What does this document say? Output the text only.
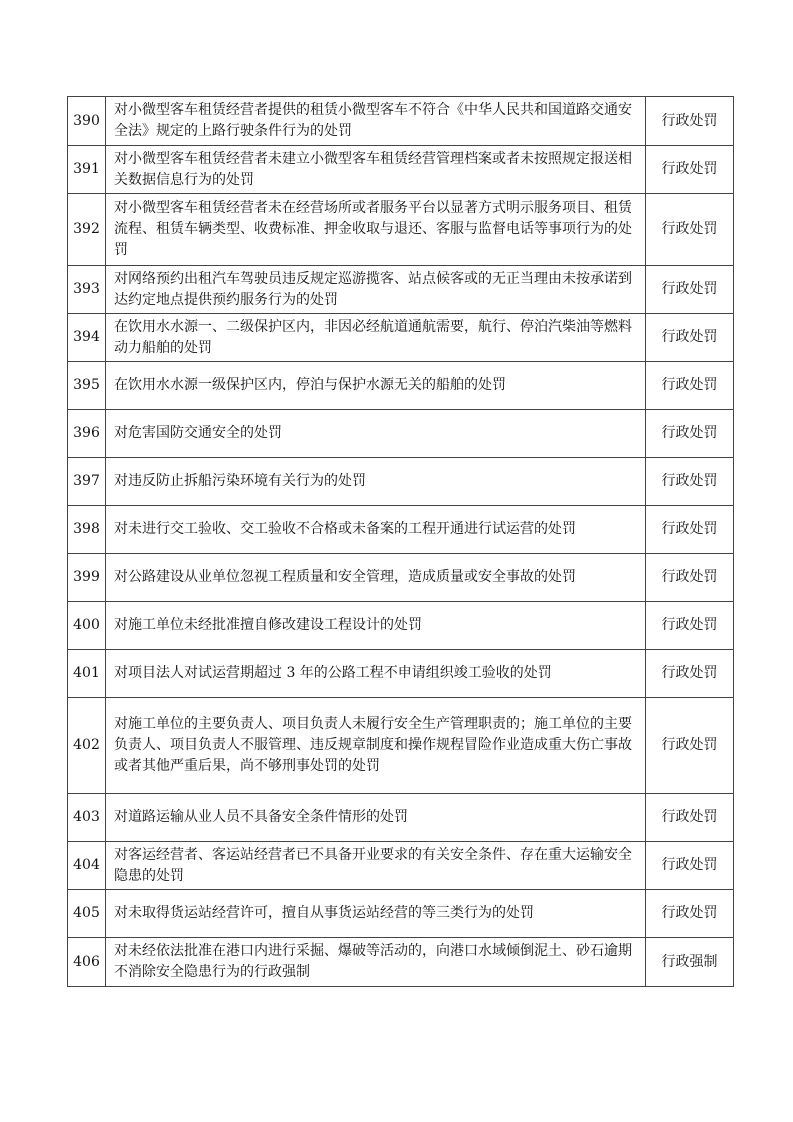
390	对小微型客车租赁经营者提供的租赁小微型客车不符合《中华人民共和国道路交通安全法》规定的上路行驶条件行为的处罚	行政处罚
391	对小微型客车租赁经营者未建立小微型客车租赁经营管理档案或者未按照规定报送相关数据信息行为的处罚	行政处罚
392	对小微型客车租赁经营者未在经营场所或者服务平台以显著方式明示服务项目、租赁流程、租赁车辆类型、收费标准、押金收取与退还、客服与监督电话等事项行为的处罚	行政处罚
393	对网络预约出租汽车驾驶员违反规定巡游揽客、站点候客或的无正当理由未按承诺到达约定地点提供预约服务行为的处罚	行政处罚
394	在饮用水水源一、二级保护区内，非因必经航道通航需要，航行、停泊汽柴油等燃料动力船舶的处罚	行政处罚
395	在饮用水水源一级保护区内，停泊与保护水源无关的船舶的处罚	行政处罚
396	对危害国防交通安全的处罚	行政处罚
397	对违反防止拆船污染环境有关行为的处罚	行政处罚
398	对未进行交工验收、交工验收不合格或未备案的工程开通进行试运营的处罚	行政处罚
399	对公路建设从业单位忽视工程质量和安全管理，造成质量或安全事故的处罚	行政处罚
400	对施工单位未经批准擅自修改建设工程设计的处罚	行政处罚
401	对项目法人对试运营期超过 3 年的公路工程不申请组织竣工验收的处罚	行政处罚
402	对施工单位的主要负责人、项目负责人未履行安全生产管理职责的；施工单位的主要负责人、项目负责人不服管理、违反规章制度和操作规程冒险作业造成重大伤亡事故或者其他严重后果，尚不够刑事处罚的处罚	行政处罚
403	对道路运输从业人员不具备安全条件情形的处罚	行政处罚
404	对客运经营者、客运站经营者已不具备开业要求的有关安全条件、存在重大运输安全隐患的处罚	行政处罚
405	对未取得货运站经营许可，擅自从事货运站经营的等三类行为的处罚	行政处罚
406	对未经依法批准在港口内进行采掘、爆破等活动的，向港口水域倾倒泥土、砂石逾期不消除安全隐患行为的行政强制	行政强制
